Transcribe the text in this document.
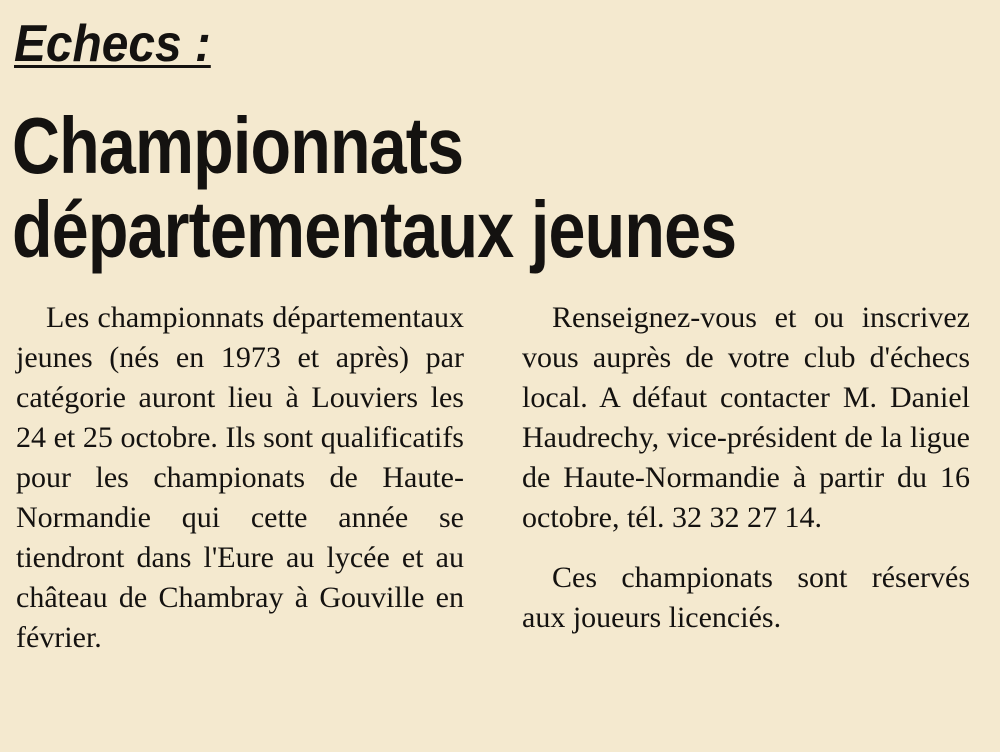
Echecs :
Championnats
départementaux jeunes

Les championnats départementaux jeunes (nés en 1973 et après) par catégorie auront lieu à Louviers les 24 et 25 octobre. Ils sont qualificatifs pour les championats de Haute-Normandie qui cette année se tiendront dans l'Eure au lycée et au château de Chambray à Gouville en février.

Renseignez-vous et ou inscrivez vous auprès de votre club d'échecs local. A défaut contacter M. Daniel Haudrechy, vice-président de la ligue de Haute-Normandie à partir du 16 octobre, tél. 32 32 27 14.

Ces championats sont réservés aux joueurs licenciés.
